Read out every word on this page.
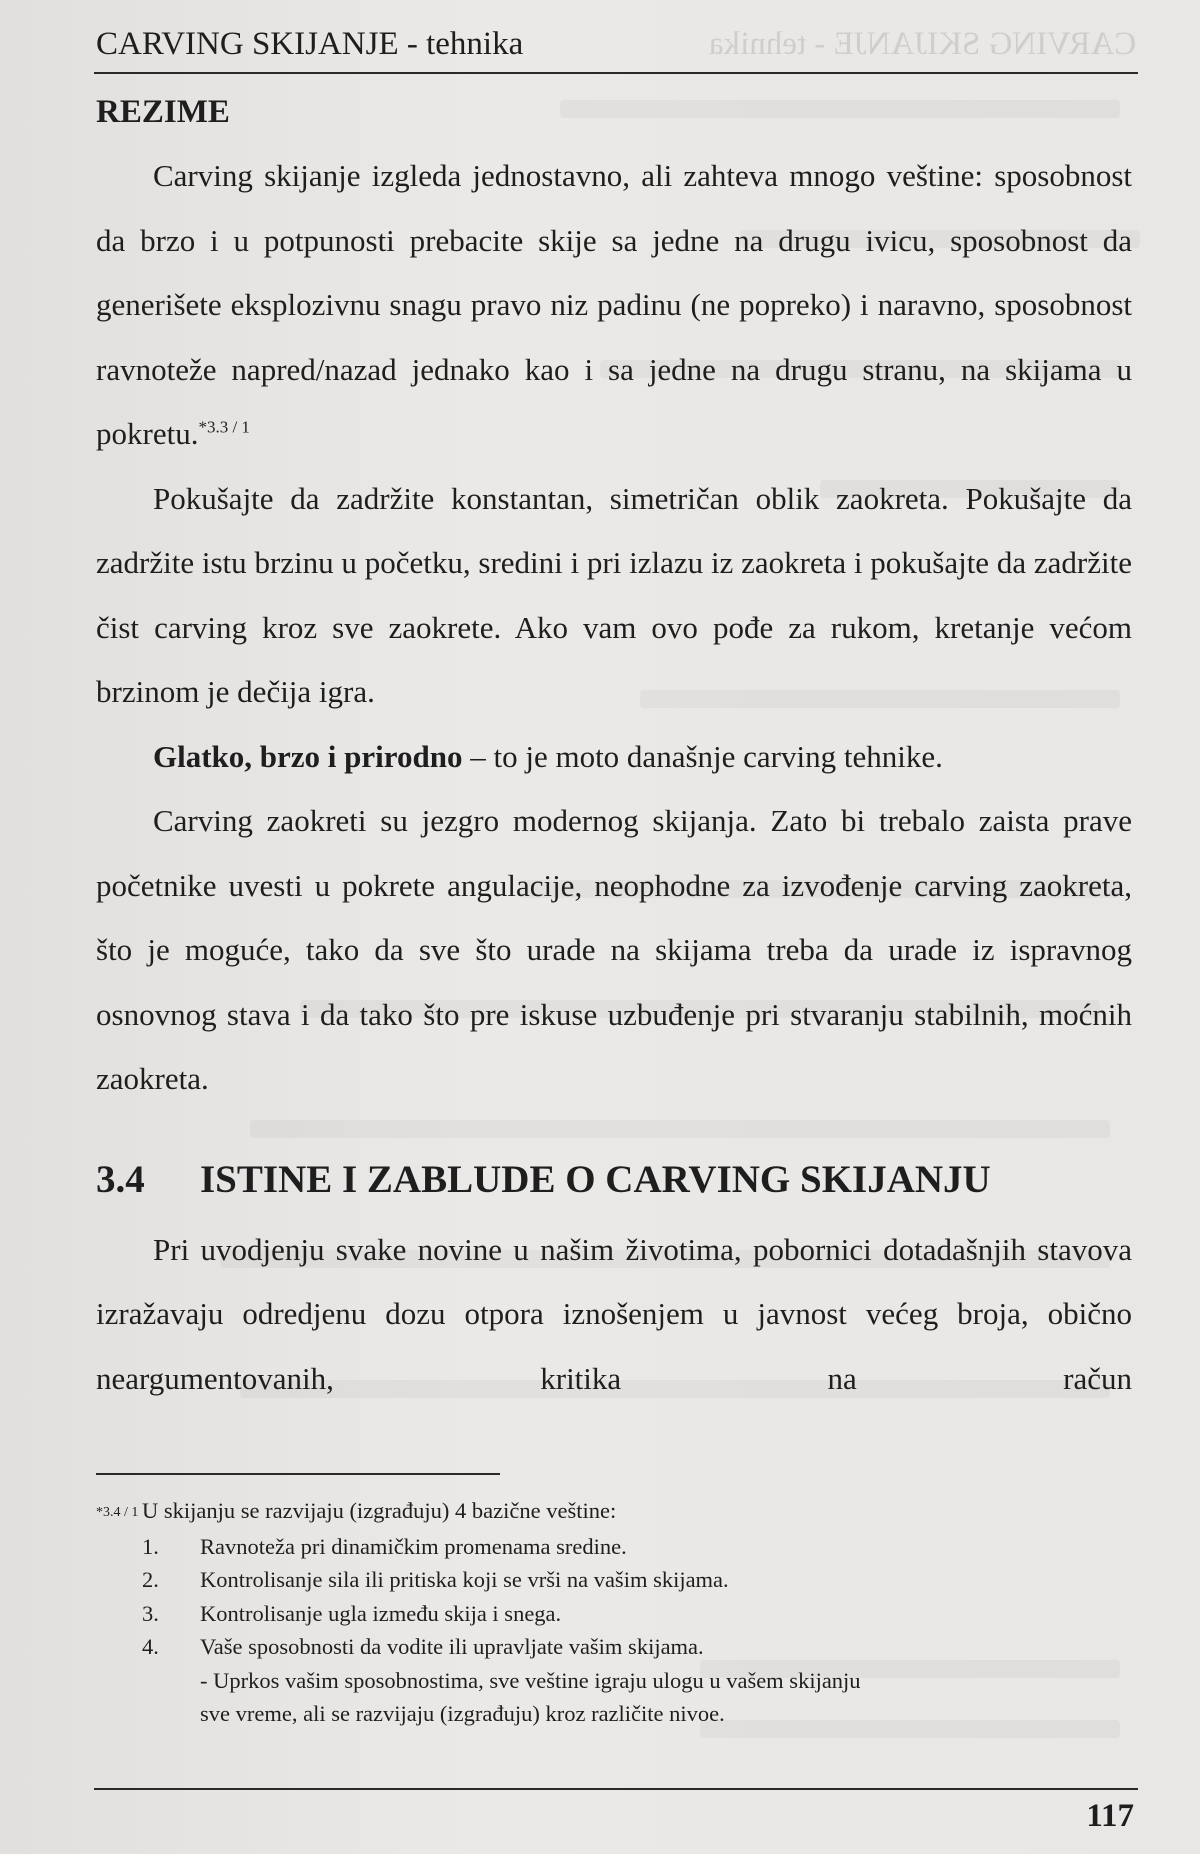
CARVING SKIJANJE - tehnika	CARVING SKIJANJE - tehnika
REZIME

Carving skijanje izgleda jednostavno, ali zahteva mnogo veštine: sposobnost da brzo i u potpunosti prebacite skije sa jedne na drugu ivicu, sposobnost da generišete eksplozivnu snagu pravo niz padinu (ne popreko) i naravno, sposobnost ravnoteže napred/nazad jednako kao i sa jedne na drugu stranu, na skijama u pokretu.$^{*3.3 / 1}$

Pokušajte da zadržite konstantan, simetričan oblik zaokreta. Pokušajte da zadržite istu brzinu u početku, sredini i pri izlazu iz zaokreta i pokušajte da zadržite čist carving kroz sve zaokrete. Ako vam ovo pođe za rukom, kretanje većom brzinom je dečija igra.

Glatko, brzo i prirodno – to je moto današnje carving tehnike.

Carving zaokreti su jezgro modernog skijanja. Zato bi trebalo zaista prave početnike uvesti u pokrete angulacije, neophodne za izvođenje carving zaokreta, što je moguće, tako da sve što urade na skijama treba da urade iz ispravnog osnovnog stava i da tako što pre iskuse uzbuđenje pri stvaranju stabilnih, moćnih zaokreta.

3.4	ISTINE I ZABLUDE O CARVING SKIJANJU

Pri uvodjenju svake novine u našim životima, pobornici dotadašnjih stavova izražavaju odredjenu dozu otpora iznošenjem u javnost većeg broja, obično neargumentovanih, kritika na račun

*3.4 / 1 U skijanju se razvijaju (izgrađuju) 4 bazične veštine:
1.	Ravnoteža pri dinamičkim promenama sredine.
2.	Kontrolisanje sila ili pritiska koji se vrši na vašim skijama.
3.	Kontrolisanje ugla između skija i snega.
4.	Vaše sposobnosti da vodite ili upravljate vašim skijama.
- Uprkos vašim sposobnostima, sve veštine igraju ulogu u vašem skijanju
sve vreme, ali se razvijaju (izgrađuju) kroz različite nivoe.
117
